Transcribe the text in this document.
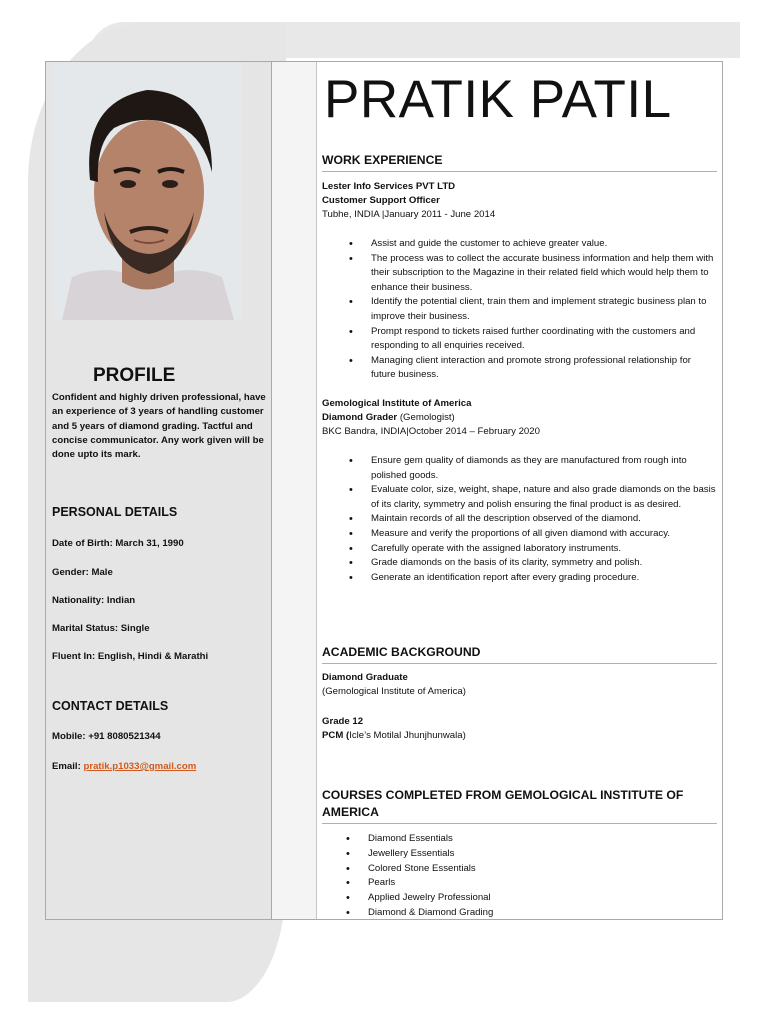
PROFILE

Confident and highly driven professional, have an experience of 3 years of handling customer and 5 years of diamond grading. Tactful and concise communicator. Any work given will be done upto its mark.

PERSONAL DETAILS

Date of Birth: March 31, 1990

Gender: Male

Nationality: Indian

Marital Status: Single

Fluent In: English, Hindi & Marathi

CONTACT DETAILS

Mobile: +91 8080521344

Email: pratik.p1033@gmail.com

PRATIK PATIL
WORK EXPERIENCE

Lester Info Services PVT LTD

Customer Support Officer

Tubhe, INDIA |January 2011 - June 2014

• Assist and guide the customer to achieve greater value.
• The process was to collect the accurate business information and help them with their subscription to the Magazine in their related field which would help them to enhance their business.
• Identify the potential client, train them and implement strategic business plan to improve their business.
• Prompt respond to tickets raised further coordinating with the customers and responding to all enquiries received.
• Managing client interaction and promote strong professional relationship for future business.

Gemological Institute of America

Diamond Grader (Gemologist)

BKC Bandra, INDIA|October 2014 – February 2020

• Ensure gem quality of diamonds as they are manufactured from rough into polished goods.
• Evaluate color, size, weight, shape, nature and also grade diamonds on the basis of its clarity, symmetry and polish ensuring the final product is as desired.
• Maintain records of all the description observed of the diamond.
• Measure and verify the proportions of all given diamond with accuracy.
• Carefully operate with the assigned laboratory instruments.
• Grade diamonds on the basis of its clarity, symmetry and polish.
• Generate an identification report after every grading procedure.
ACADEMIC BACKGROUND

Diamond Graduate

(Gemological Institute of America)

Grade 12

PCM (Icle’s Motilal Jhunjhunwala)

COURSES COMPLETED FROM GEMOLOGICAL INSTITUTE OF AMERICA
• Diamond Essentials
• Jewellery Essentials
• Colored Stone Essentials
• Pearls
• Applied Jewelry Professional
• Diamond & Diamond Grading
